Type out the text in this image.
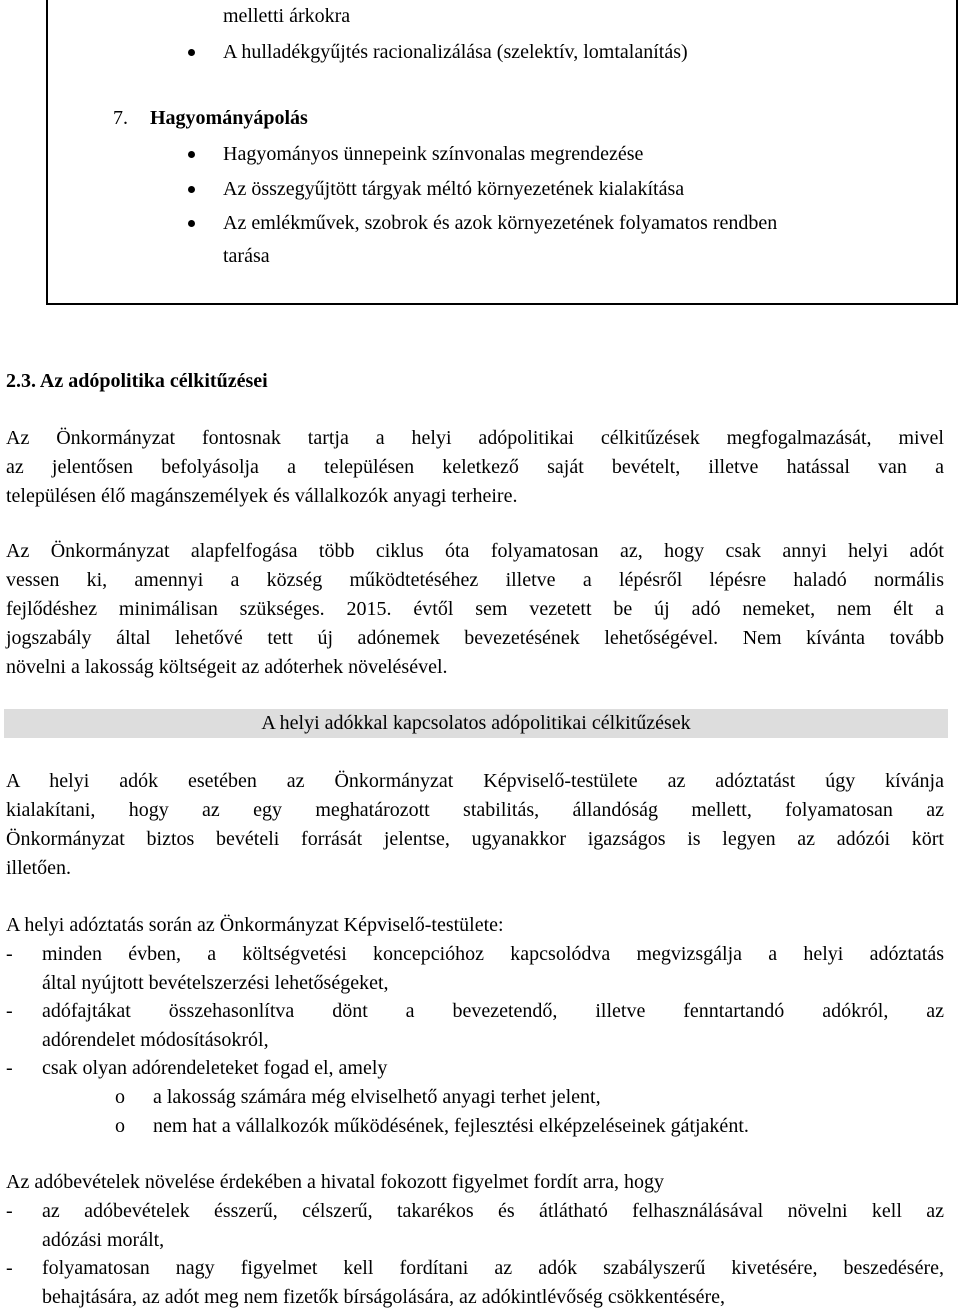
melletti árkokra
A hulladékgyűjtés racionalizálása (szelektív, lomtalanítás)
7. Hagyományápolás
Hagyományos ünnepeink színvonalas megrendezése
Az összegyűjtött tárgyak méltó környezetének kialakítása
Az emlékművek, szobrok és azok környezetének folyamatos rendben
tarása
2.3. Az adópolitika célkitűzései
Az Önkormányzat fontosnak tartja a helyi adópolitikai célkitűzések megfogalmazását, mivel
az jelentősen befolyásolja a településen keletkező saját bevételt, illetve hatással van a
településen élő magánszemélyek és vállalkozók anyagi terheire.
Az Önkormányzat alapfelfogása több ciklus óta folyamatosan az, hogy csak annyi helyi adót
vessen ki, amennyi a község működtetéséhez illetve a lépésről lépésre haladó normális
fejlődéshez minimálisan szükséges. 2015. évtől sem vezetett be új adó nemeket, nem élt a
jogszabály által lehetővé tett új adónemek bevezetésének lehetőségével. Nem kívánta tovább
növelni a lakosság költségeit az adóterhek növelésével.
A helyi adókkal kapcsolatos adópolitikai célkitűzések
A helyi adók esetében az Önkormányzat Képviselő-testülete az adóztatást úgy kívánja
kialakítani, hogy az egy meghatározott stabilitás, állandóság mellett, folyamatosan az
Önkormányzat biztos bevételi forrását jelentse, ugyanakkor igazságos is legyen az adózói kört
illetően.
A helyi adóztatás során az Önkormányzat Képviselő-testülete:
- minden évben, a költségvetési koncepcióhoz kapcsolódva megvizsgálja a helyi adóztatás
által nyújtott bevételszerzési lehetőségeket,
- adófajtákat összehasonlítva dönt a bevezetendő, illetve fenntartandó adókról, az
adórendelet módosításokról,
- csak olyan adórendeleteket fogad el, amely
o a lakosság számára még elviselhető anyagi terhet jelent,
o nem hat a vállalkozók működésének, fejlesztési elképzeléseinek gátjaként.
Az adóbevételek növelése érdekében a hivatal fokozott figyelmet fordít arra, hogy
- az adóbevételek ésszerű, célszerű, takarékos és átlátható felhasználásával növelni kell az
adózási morált,
- folyamatosan nagy figyelmet kell fordítani az adók szabályszerű kivetésére, beszedésére,
behajtására, az adót meg nem fizetők bírságolására, az adókintlévőség csökkentésére,
